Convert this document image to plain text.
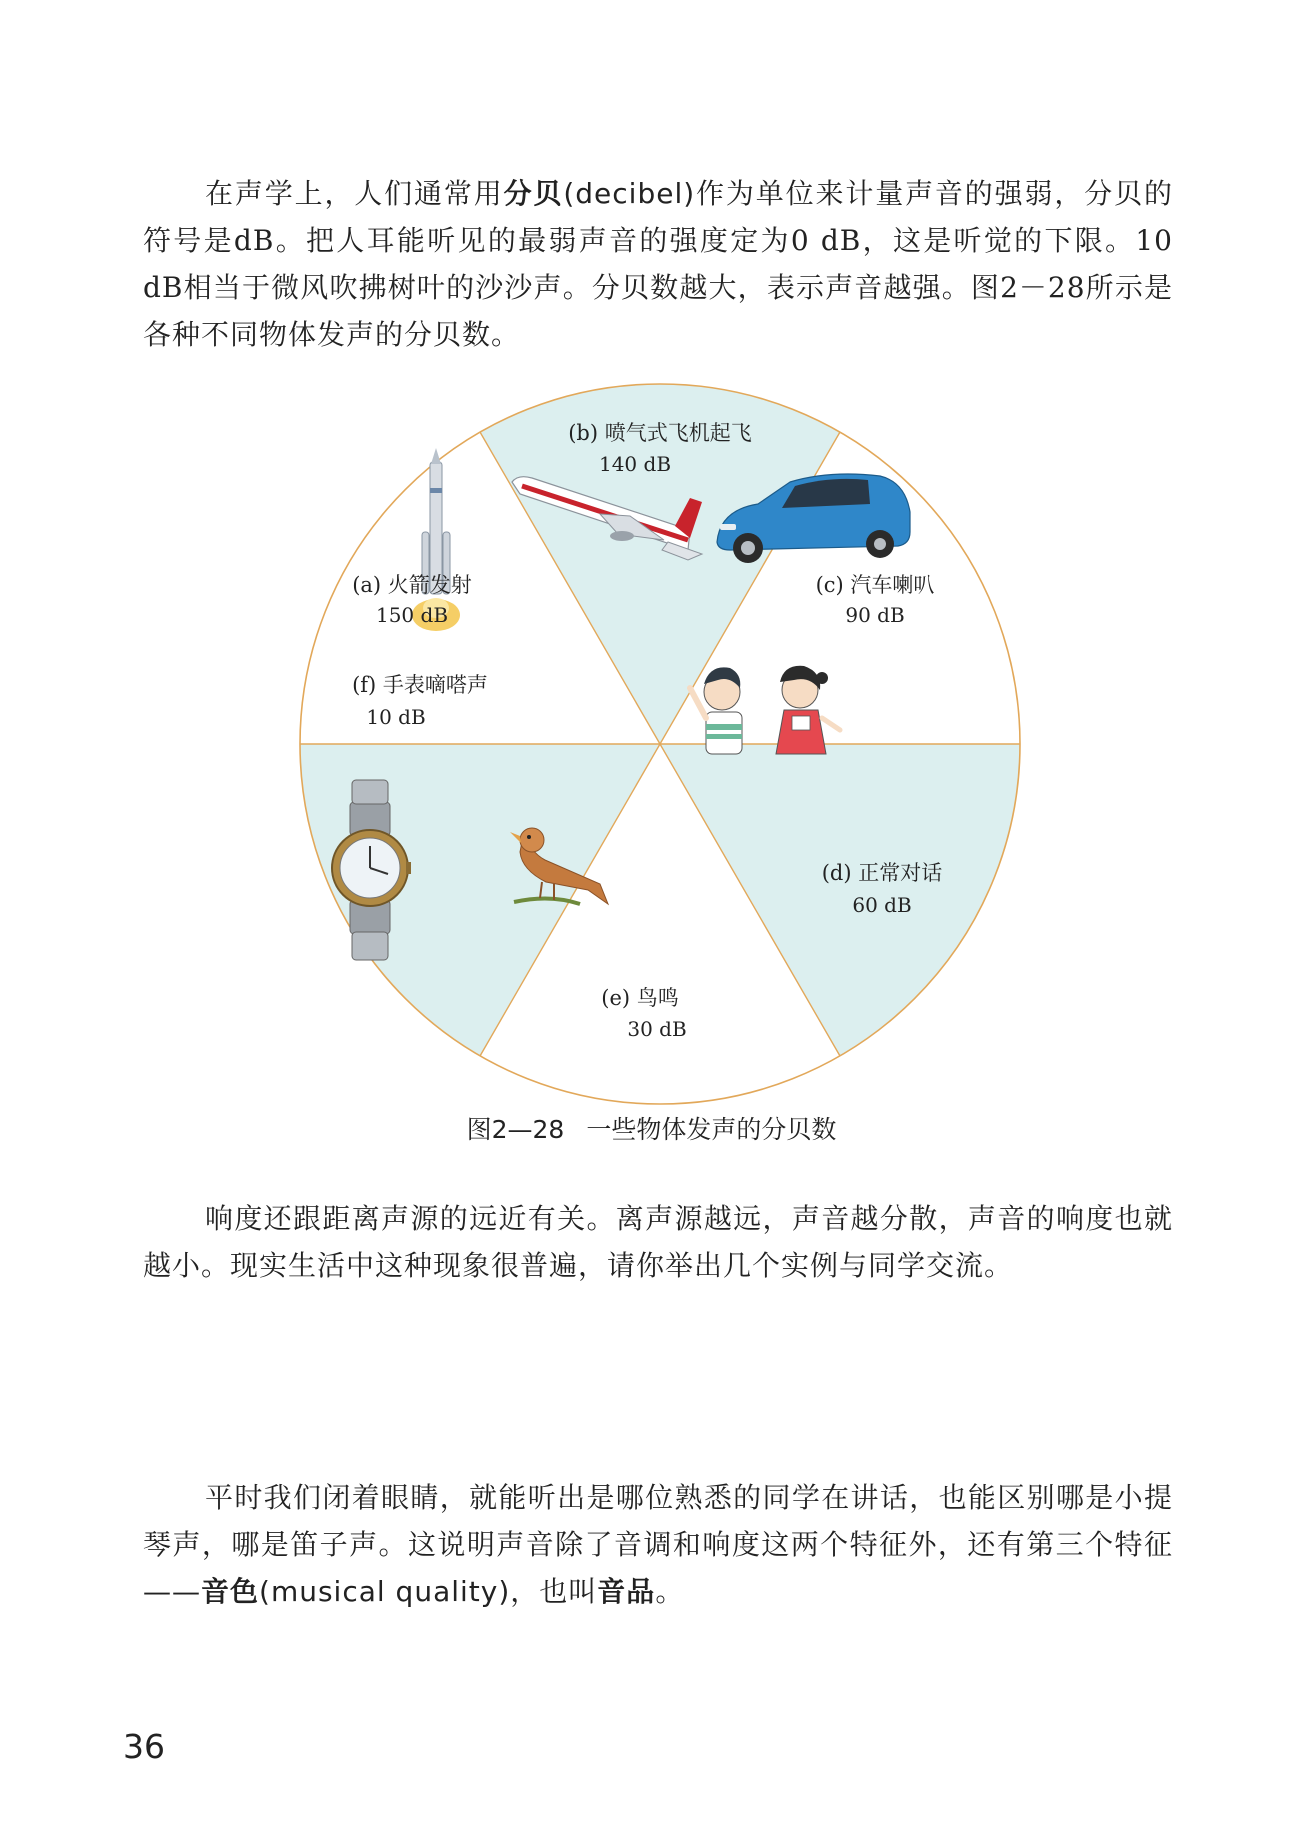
在声学上，人们通常用分贝(decibel)作为单位来计量声音的强弱，分贝的符号是dB。把人耳能听见的最弱声音的强度定为0 dB，这是听觉的下限。10 dB相当于微风吹拂树叶的沙沙声。分贝数越大，表示声音越强。图2－28所示是各种不同物体发声的分贝数。

(a) 火箭发射
150 dB
(b) 喷气式飞机起飞
140 dB
(c) 汽车喇叭
90 dB
(d) 正常对话
60 dB
(e) 鸟鸣
30 dB
(f) 手表嘀嗒声
10 dB
图2—28 一些物体发声的分贝数

响度还跟距离声源的远近有关。离声源越远，声音越分散，声音的响度也就越小。现实生活中这种现象很普遍，请你举出几个实例与同学交流。

平时我们闭着眼睛，就能听出是哪位熟悉的同学在讲话，也能区别哪是小提琴声，哪是笛子声。这说明声音除了音调和响度这两个特征外，还有第三个特征——音色(musical quality)，也叫音品。

36
